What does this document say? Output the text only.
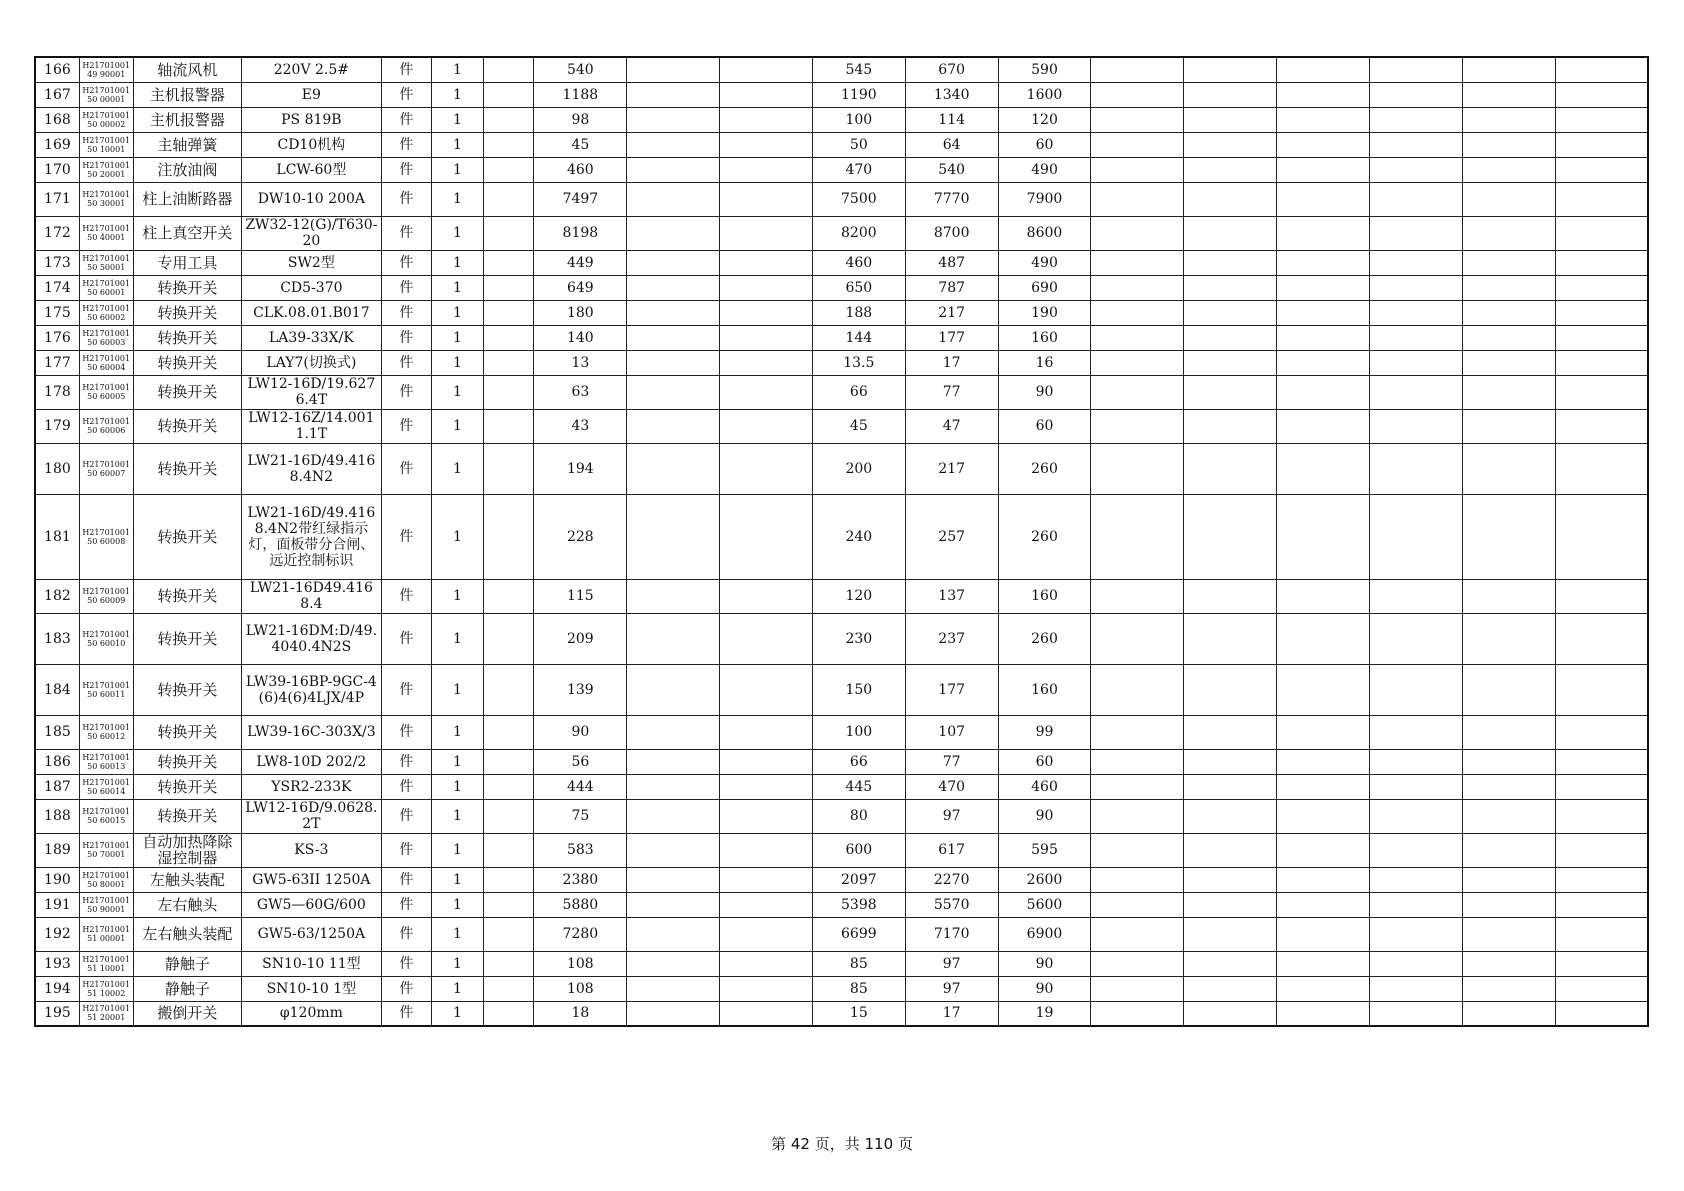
166	H2170100149 90001	轴流风机	220V 2.5#	件	1		540			545	670	590						
167	H2170100150 00001	主机报警器	E9	件	1		1188			1190	1340	1600						
168	H2170100150 00002	主机报警器	PS 819B	件	1		98			100	114	120						
169	H2170100150 10001	主轴弹簧	CD10机构	件	1		45			50	64	60						
170	H2170100150 20001	注放油阀	LCW-60型	件	1		460			470	540	490						
171	H2170100150 30001	柱上油断路器	DW10-10 200A	件	1		7497			7500	7770	7900						
172	H2170100150 40001	柱上真空开关	ZW32-12(G)/T630-20	件	1		8198			8200	8700	8600						
173	H2170100150 50001	专用工具	SW2型	件	1		449			460	487	490						
174	H2170100150 60001	转换开关	CD5-370	件	1		649			650	787	690						
175	H2170100150 60002	转换开关	CLK.08.01.B017	件	1		180			188	217	190						
176	H2170100150 60003	转换开关	LA39-33X/K	件	1		140			144	177	160						
177	H2170100150 60004	转换开关	LAY7(切换式)	件	1		13			13.5	17	16						
178	H2170100150 60005	转换开关	LW12-16D/19.6276.4T	件	1		63			66	77	90						
179	H2170100150 60006	转换开关	LW12-16Z/14.0011.1T	件	1		43			45	47	60						
180	H2170100150 60007	转换开关	LW21-16D/49.4168.4N2	件	1		194			200	217	260						
181	H2170100150 60008	转换开关	LW21-16D/49.4168.4N2带红绿指示灯，面板带分合闸、远近控制标识	件	1		228			240	257	260						
182	H2170100150 60009	转换开关	LW21-16D49.4168.4	件	1		115			120	137	160						
183	H2170100150 60010	转换开关	LW21-16DM:D/49.4040.4N2S	件	1		209			230	237	260						
184	H2170100150 60011	转换开关	LW39-16BP-9GC-4(6)4(6)4LJX/4P	件	1		139			150	177	160						
185	H2170100150 60012	转换开关	LW39-16C-303X/3	件	1		90			100	107	99						
186	H2170100150 60013	转换开关	LW8-10D 202/2	件	1		56			66	77	60						
187	H2170100150 60014	转换开关	YSR2-233K	件	1		444			445	470	460						
188	H2170100150 60015	转换开关	LW12-16D/9.0628.2T	件	1		75			80	97	90						
189	H2170100150 70001	自动加热降除湿控制器	KS-3	件	1		583			600	617	595						
190	H2170100150 80001	左触头装配	GW5-63II 1250A	件	1		2380			2097	2270	2600						
191	H2170100150 90001	左右触头	GW5—60G/600	件	1		5880			5398	5570	5600						
192	H2170100151 00001	左右触头装配	GW5-63/1250A	件	1		7280			6699	7170	6900						
193	H2170100151 10001	静触子	SN10-10 11型	件	1		108			85	97	90						
194	H2170100151 10002	静触子	SN10-10 1型	件	1		108			85	97	90						
195	H2170100151 20001	搬倒开关	φ120mm	件	1		18			15	17	19						
第 42 页，共 110 页
